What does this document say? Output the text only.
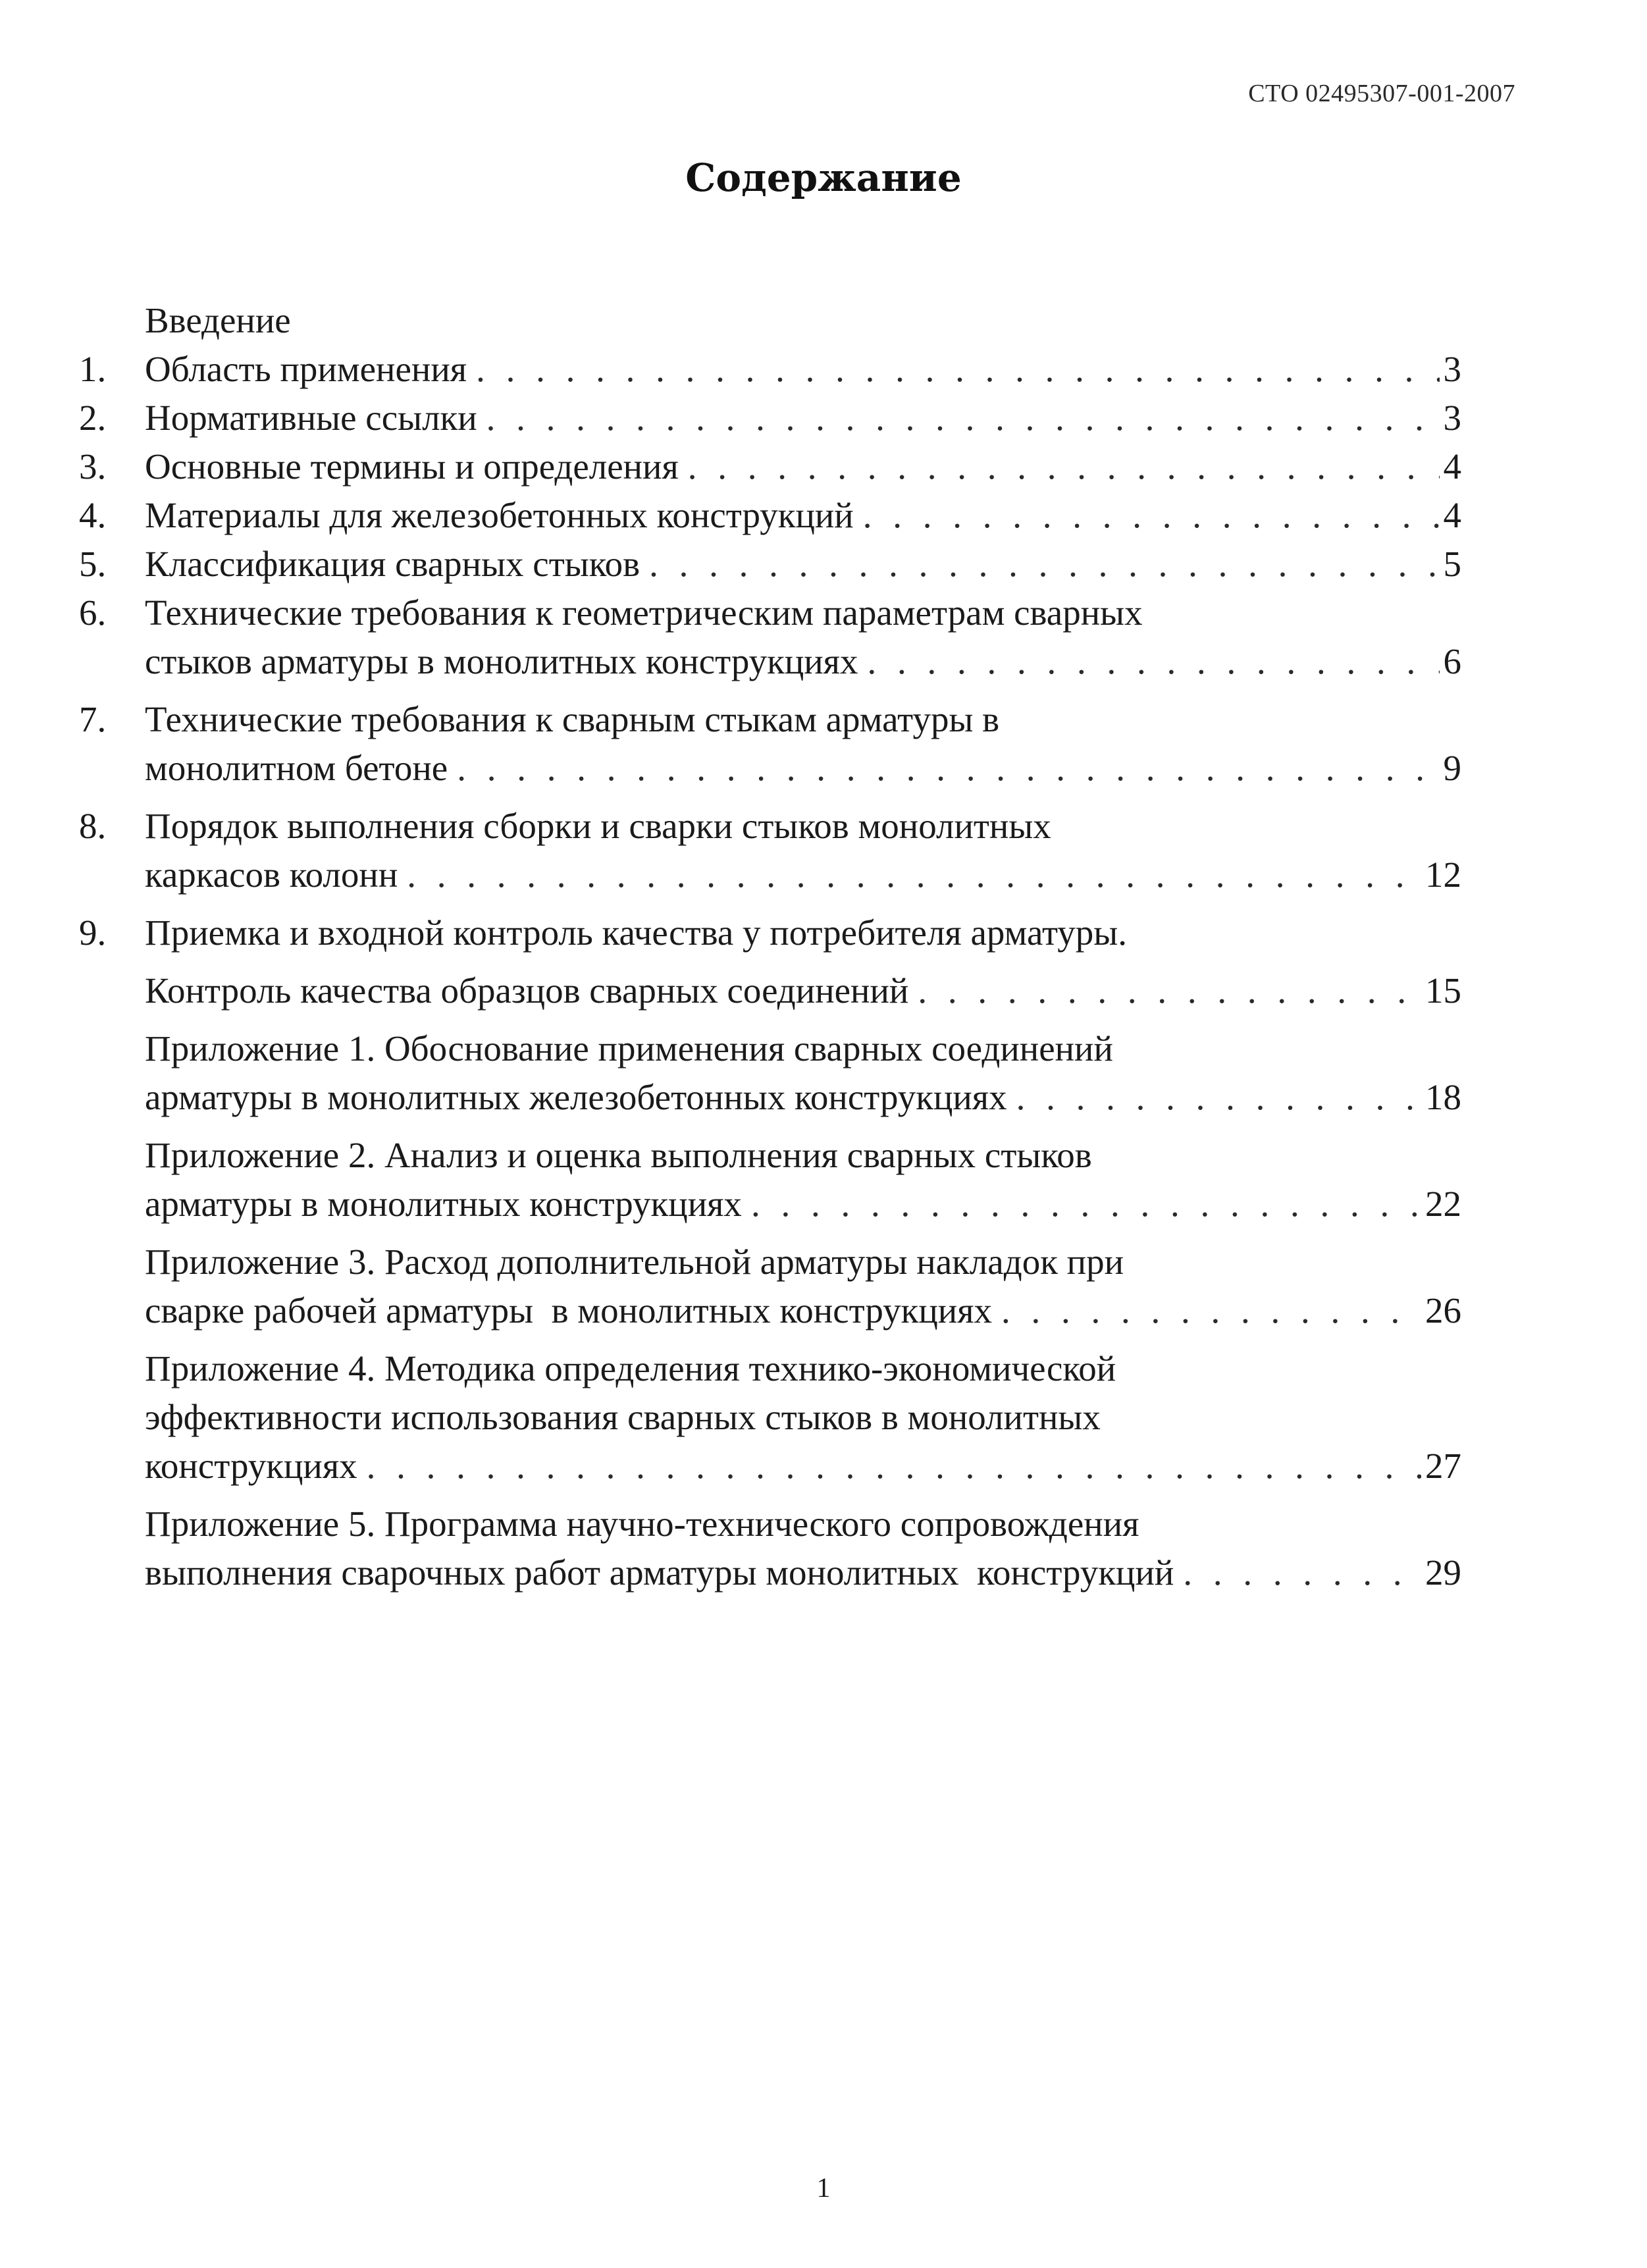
СТО 02495307-001-2007
Содержание
Введение
1.	Область применения . . .	3
2.	Нормативные ссылки . . .	3
3.	Основные термины и определения . . .	4
4.	Материалы для железобетонных конструкций . . .	4
5.	Классификация сварных стыков . . .	5
6.	Технические требования к геометрическим параметрам сварных
стыков арматуры в монолитных конструкциях . . .	6
7.	Технические требования к сварным стыкам арматуры в
монолитном бетоне . . .	9
8.	Порядок выполнения сборки и сварки стыков монолитных
каркасов колонн . . .	12
9.	Приемка и входной контроль качества у потребителя арматуры.
Контроль качества образцов сварных соединений . . .	15
Приложение 1. Обоснование применения сварных соединений
арматуры в монолитных железобетонных конструкциях . . .	18
Приложение 2. Анализ и оценка выполнения сварных стыков
арматуры в монолитных конструкциях . . .	22
Приложение 3. Расход дополнительной арматуры накладок при
сварке рабочей арматуры  в монолитных конструкциях . . .	26
Приложение 4. Методика определения технико-экономической
эффективности использования сварных стыков в монолитных
конструкциях . . .	27
Приложение 5. Программа научно-технического сопровождения
выполнения сварочных работ арматуры монолитных  конструкций . . .	29
1
